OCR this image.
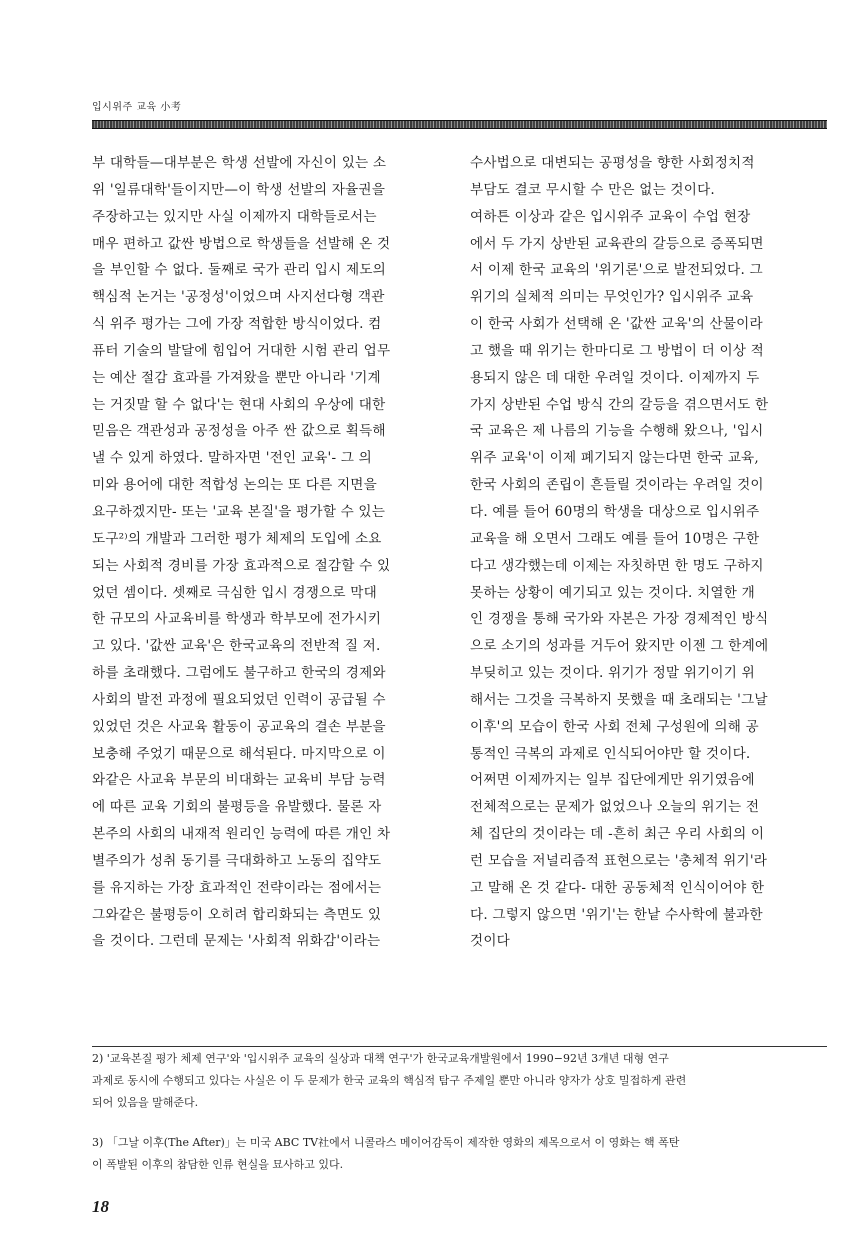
입시위주 교육 小考
부 대학들—대부분은 학생 선발에 자신이 있는 소
위 '일류대학'들이지만—이 학생 선발의 자율권을
주장하고는 있지만 사실 이제까지 대학들로서는
매우 편하고 값싼 방법으로 학생들을 선발해 온 것
을 부인할 수 없다. 둘째로 국가 관리 입시 제도의
핵심적 논거는 '공정성'이었으며 사지선다형 객관
식 위주 평가는 그에 가장 적합한 방식이었다. 컴
퓨터 기술의 발달에 힘입어 거대한 시험 관리 업무
는 예산 절감 효과를 가져왔을 뿐만 아니라 '기계
는 거짓말 할 수 없다'는 현대 사회의 우상에 대한
믿음은 객관성과 공정성을 아주 싼 값으로 획득해
낼 수 있게 하였다. 말하자면 '전인 교육'- 그 의
미와 용어에 대한 적합성 논의는 또 다른 지면을
요구하겠지만- 또는 '교육 본질'을 평가할 수 있는
도구²⁾의 개발과 그러한 평가 체제의 도입에 소요
되는 사회적 경비를 가장 효과적으로 절감할 수 있
었던 셈이다. 셋째로 극심한 입시 경쟁으로 막대
한 규모의 사교육비를 학생과 학부모에 전가시키
고 있다. '값싼 교육'은 한국교육의 전반적 질 저.
하를 초래했다. 그럼에도 불구하고 한국의 경제와
사회의 발전 과정에 필요되었던 인력이 공급될 수
있었던 것은 사교육 활동이 공교육의 결손 부분을
보충해 주었기 때문으로 해석된다. 마지막으로 이
와같은 사교육 부문의 비대화는 교육비 부담 능력
에 따른 교육 기회의 불평등을 유발했다. 물론 자
본주의 사회의 내재적 원리인 능력에 따른 개인 차
별주의가 성취 동기를 극대화하고 노동의 집약도
를 유지하는 가장 효과적인 전략이라는 점에서는
그와같은 불평등이 오히려 합리화되는 측면도 있
을 것이다. 그런데 문제는 '사회적 위화감'이라는
수사법으로 대변되는 공평성을 향한 사회정치적
부담도 결코 무시할 수 만은 없는 것이다.
여하튼 이상과 같은 입시위주 교육이 수업 현장
에서 두 가지 상반된 교육관의 갈등으로 증폭되면
서 이제 한국 교육의 '위기론'으로 발전되었다. 그
위기의 실체적 의미는 무엇인가? 입시위주 교육
이 한국 사회가 선택해 온 '값싼 교육'의 산물이라
고 했을 때 위기는 한마디로 그 방법이 더 이상 적
용되지 않은 데 대한 우려일 것이다. 이제까지 두
가지 상반된 수업 방식 간의 갈등을 겪으면서도 한
국 교육은 제 나름의 기능을 수행해 왔으나, '입시
위주 교육'이 이제 폐기되지 않는다면 한국 교육,
한국 사회의 존립이 흔들릴 것이라는 우려일 것이
다. 예를 들어 60명의 학생을 대상으로 입시위주
교육을 해 오면서 그래도 예를 들어 10명은 구한
다고 생각했는데 이제는 자칫하면 한 명도 구하지
못하는 상황이 예기되고 있는 것이다. 치열한 개
인 경쟁을 통해 국가와 자본은 가장 경제적인 방식
으로 소기의 성과를 거두어 왔지만 이젠 그 한계에
부딪히고 있는 것이다. 위기가 정말 위기이기 위
해서는 그것을 극복하지 못했을 때 초래되는 '그날
이후'의 모습이 한국 사회 전체 구성원에 의해 공
통적인 극복의 과제로 인식되어야만 할 것이다.
어쩌면 이제까지는 일부 집단에게만 위기였음에
전체적으로는 문제가 없었으나 오늘의 위기는 전
체 집단의 것이라는 데 -흔히 최근 우리 사회의 이
런 모습을 저널리즘적 표현으로는 '총체적 위기'라
고 말해 온 것 같다- 대한 공동체적 인식이어야 한
다. 그렇지 않으면 '위기'는 한낱 수사학에 불과한
것이다
2) '교육본질 평가 체제 연구'와 '입시위주 교육의 실상과 대책 연구'가 한국교육개발원에서 1990−92년 3개년 대형 연구
과제로 동시에 수행되고 있다는 사실은 이 두 문제가 한국 교육의 핵심적 탐구 주제일 뿐만 아니라 양자가 상호 밀접하게 관련
되어 있음을 말해준다.
3) 「그날 이후(The After)」는 미국 ABC TV社에서 니콜라스 메이어감독이 제작한 영화의 제목으로서 이 영화는 핵 폭탄
이 폭발된 이후의 참담한 인류 현실을 묘사하고 있다.
18
